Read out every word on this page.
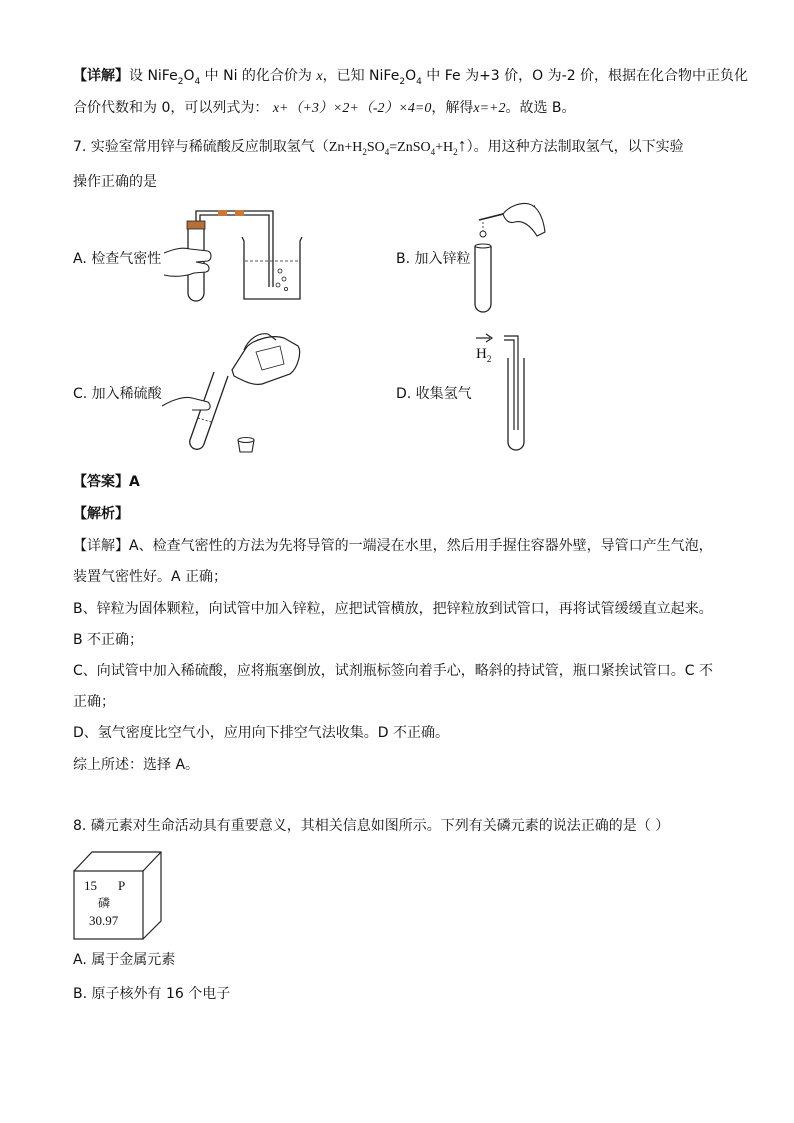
【详解】设 $NiFe_2O_4$ 中 Ni 的化合价为 x，已知 $NiFe_2O_4$ 中 Fe 为+3 价，O 为-2 价，根据在化合物中正负化
合价代数和为 0，可以列式为： x+（+3）×2+（-2）×4=0，解得x=+2。故选 B。
7. 实验室常用锌与稀硫酸反应制取氢气$(Zn+H_2SO_4=ZnSO_4+H_2↑)$。用这种方法制取氢气，以下实验
操作正确的是
A. 检查气密性	B. 加入锌粒
C. 加入稀硫酸	D. 收集氢气
$H_2$
【答案】A
【解析】
【详解】A、检查气密性的方法为先将导管的一端浸在水里，然后用手握住容器外壁，导管口产生气泡，
装置气密性好。A 正确；
B、锌粒为固体颗粒，向试管中加入锌粒，应把试管横放，把锌粒放到试管口，再将试管缓缓直立起来。
B 不正确；
C、向试管中加入稀硫酸，应将瓶塞倒放，试剂瓶标签向着手心，略斜的持试管，瓶口紧挨试管口。C 不
正确；
D、氢气密度比空气小，应用向下排空气法收集。D 不正确。
综上所述：选择 A。
8. 磷元素对生命活动具有重要意义，其相关信息如图所示。下列有关磷元素的说法正确的是（ ）
15 P
磷
30.97
A. 属于金属元素
B. 原子核外有 16 个电子
